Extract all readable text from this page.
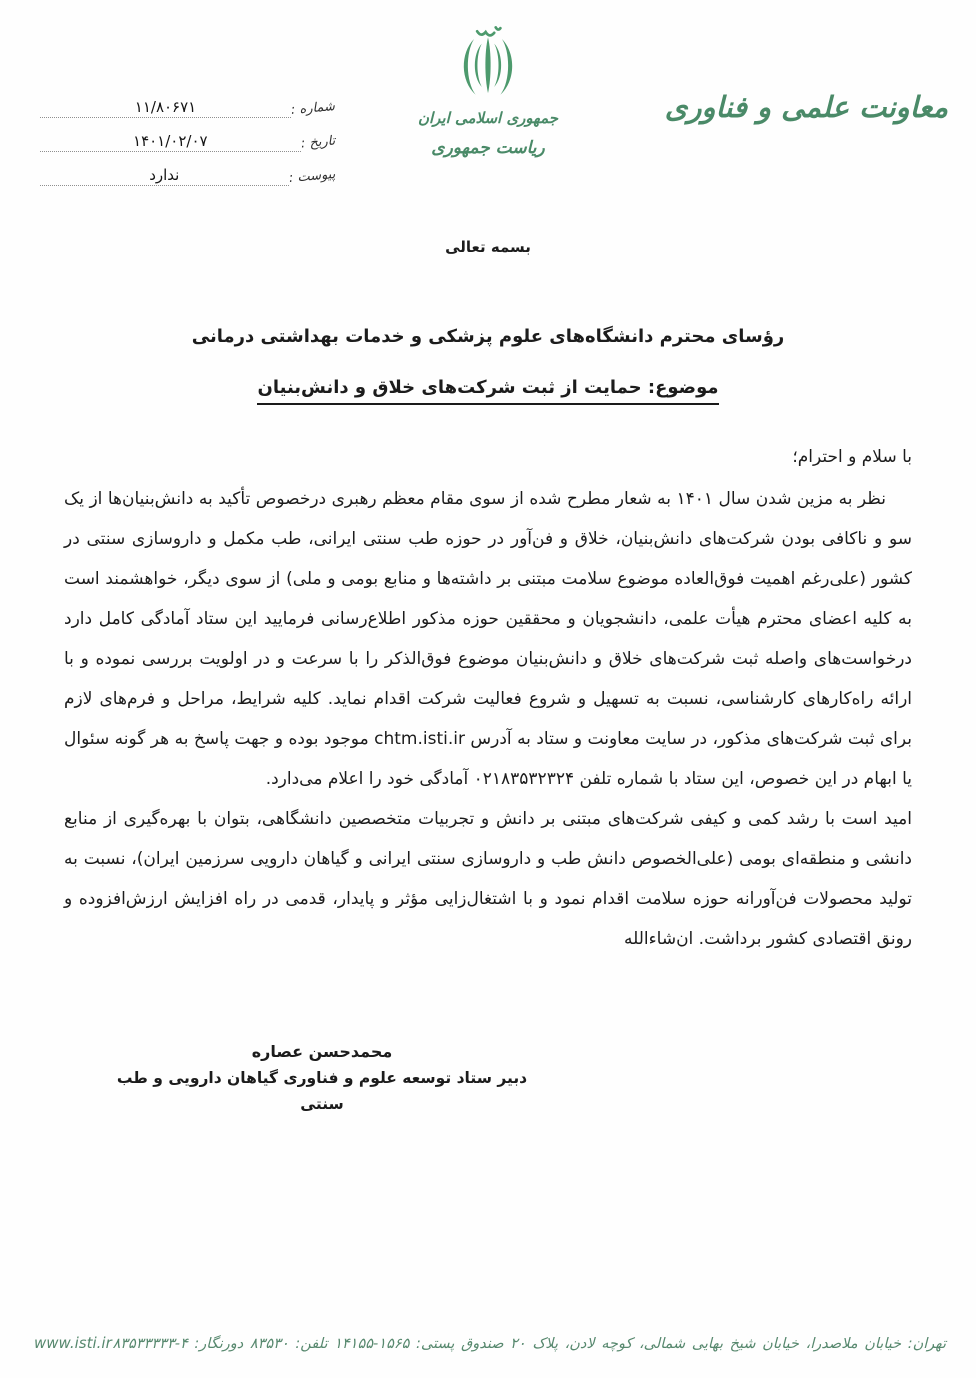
شماره :
۱۱/۸۰۶۷۱
تاریخ :
۱۴۰۱/۰۲/۰۷
پیوست :
ندارد
جمهوری اسلامی ایران
ریاست جمهوری
معاونت علمی و فناوری
بسمه تعالی
رؤسای محترم دانشگاه‌های علوم پزشکی و خدمات بهداشتی درمانی
موضوع: حمایت از ثبت شرکت‌های خلاق و دانش‌بنیان
با سلام و احترام؛

نظر به مزین شدن سال ۱۴۰۱ به شعار مطرح شده از سوی مقام معظم رهبری درخصوص تأکید به دانش‌بنیان‌ها از یک سو و ناکافی بودن شرکت‌های دانش‌بنیان، خلاق و فن‌آور در حوزه طب سنتی ایرانی، طب مکمل و داروسازی سنتی در کشور (علی‌رغم اهمیت فوق‌العاده موضوع سلامت مبتنی بر داشته‌ها و منابع بومی و ملی) از سوی دیگر، خواهشمند است به کلیه اعضای محترم هیأت علمی، دانشجویان و محققین حوزه مذکور اطلاع‌رسانی فرمایید این ستاد آمادگی کامل دارد درخواست‌های واصله ثبت شرکت‌های خلاق و دانش‌بنیان موضوع فوق‌الذکر را با سرعت و در اولویت بررسی نموده و با ارائه راه‌کارهای کارشناسی، نسبت به تسهیل و شروع فعالیت شرکت اقدام نماید. کلیه شرایط، مراحل و فرم‌های لازم برای ثبت شرکت‌های مذکور، در سایت معاونت و ستاد به آدرس chtm.isti.ir موجود بوده و جهت پاسخ به هر گونه سئوال یا ابهام در این خصوص، این ستاد با شماره تلفن ۰۲۱۸۳۵۳۲۳۲۴ آمادگی خود را اعلام می‌دارد.

امید است با رشد کمی و کیفی شرکت‌های مبتنی بر دانش و تجربیات متخصصین دانشگاهی، بتوان با بهره‌گیری از منابع دانشی و منطقه‌ای بومی (علی‌الخصوص دانش طب و داروسازی سنتی ایرانی و گیاهان دارویی سرزمین ایران)، نسبت به تولید محصولات فن‌آورانه حوزه سلامت اقدام نمود و با اشتغال‌زایی مؤثر و پایدار، قدمی در راه افزایش ارزش‌افزوده و رونق اقتصادی کشور برداشت. ان‌شاءالله

محمدحسن عصاره
دبیر ستاد توسعه علوم و فناوری گیاهان دارویی و طب سنتی
تهران: خیابان ملاصدرا، خیابان شیخ بهایی شمالی، کوچه لادن، پلاک ۲۰ صندوق پستی: ۱۵۶۵-۱۴۱۵۵ تلفن: ۸۳۵۳۰ دورنگار: ۴-۸۳۵۳۳۳۳۳
www.isti.ir
